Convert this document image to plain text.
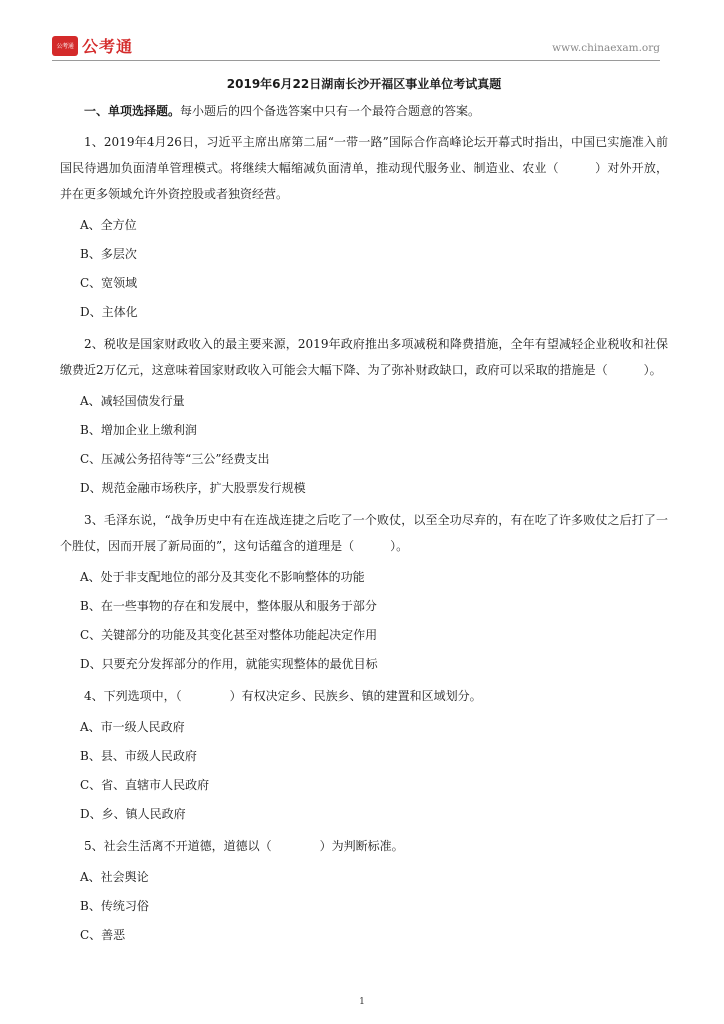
公考通 公考通	www.chinaexam.org
2019年6月22日湖南长沙开福区事业单位考试真题

一、单项选择题。每小题后的四个备选答案中只有一个最符合题意的答案。

1、2019年4月26日，习近平主席出席第二届“一带一路”国际合作高峰论坛开幕式时指出，中国已实施准入前国民待遇加负面清单管理模式。将继续大幅缩减负面清单，推动现代服务业、制造业、农业（　　　）对外开放，并在更多领域允许外资控股或者独资经营。

A、全方位

B、多层次

C、宽领域

D、主体化

2、税收是国家财政收入的最主要来源，2019年政府推出多项减税和降费措施，全年有望减轻企业税收和社保缴费近2万亿元，这意味着国家财政收入可能会大幅下降、为了弥补财政缺口，政府可以采取的措施是（　　　）。

A、减轻国债发行量

B、增加企业上缴利润

C、压减公务招待等“三公”经费支出

D、规范金融市场秩序，扩大股票发行规模

3、毛泽东说，“战争历史中有在连战连捷之后吃了一个败仗，以至全功尽弃的，有在吃了许多败仗之后打了一个胜仗，因而开展了新局面的”，这句话蕴含的道理是（　　　）。

A、处于非支配地位的部分及其变化不影响整体的功能

B、在一些事物的存在和发展中，整体服从和服务于部分

C、关键部分的功能及其变化甚至对整体功能起决定作用

D、只要充分发挥部分的作用，就能实现整体的最优目标

4、下列选项中，（　　　　）有权决定乡、民族乡、镇的建置和区域划分。

A、市一级人民政府

B、县、市级人民政府

C、省、直辖市人民政府

D、乡、镇人民政府

5、社会生活离不开道德，道德以（　　　　）为判断标准。

A、社会舆论

B、传统习俗

C、善恶

1
